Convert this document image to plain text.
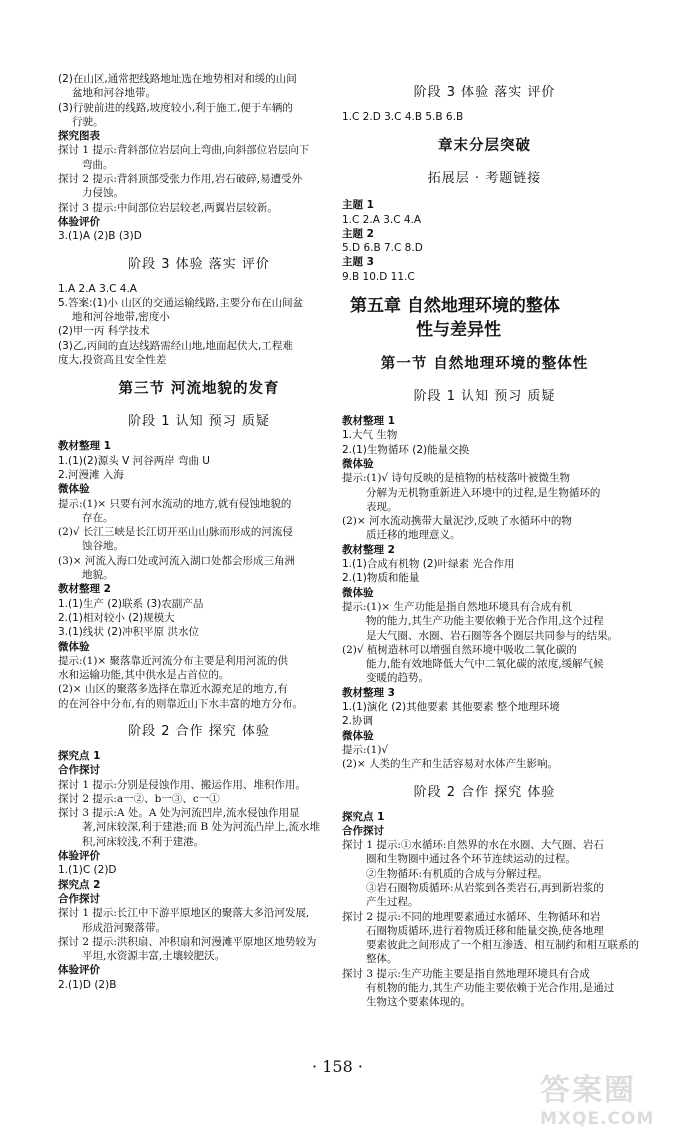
(2)在山区,通常把线路地址选在地势相对和缓的山间
盆地和河谷地带。
(3)行驶前进的线路,坡度较小,利于施工,便于车辆的
行驶。
探究图表
探讨 1 提示:背斜部位岩层向上弯曲,向斜部位岩层向下
弯曲。
探讨 2 提示:背斜顶部受张力作用,岩石破碎,易遭受外
力侵蚀。
探讨 3 提示:中间部位岩层较老,两翼岩层较新。
体验评价
3.(1)A (2)B (3)D
阶段 3 体验 落实 评价
1.A 2.A 3.C 4.A
5.答案:(1)小 山区的交通运输线路,主要分布在山间盆
地和河谷地带,密度小
(2)甲一丙 科学技术
(3)乙,丙间的直达线路需经山地,地面起伏大,工程难
度大,投资高且安全性差
第三节 河流地貌的发育
阶段 1 认知 预习 质疑
教材整理 1
1.(1)(2)源头 V 河谷两岸 弯曲 U
2.河漫滩 入海
微体验
提示:(1)× 只要有河水流动的地方,就有侵蚀地貌的
存在。
(2)√ 长江三峡是长江切开巫山山脉而形成的河流侵
蚀谷地。
(3)× 河流入海口处或河流入湖口处都会形成三角洲
地貌。
教材整理 2
1.(1)生产 (2)联系 (3)农副产品
2.(1)相对较小 (2)规模大
3.(1)线状 (2)冲积平原 洪水位
微体验
提示:(1)× 聚落靠近河流分布主要是利用河流的供
水和运输功能,其中供水是占首位的。
(2)× 山区的聚落多选择在靠近水源充足的地方,有
的在河谷中分布,有的则靠近山下水丰富的地方分布。
阶段 2 合作 探究 体验
探究点 1
合作探讨
探讨 1 提示:分别是侵蚀作用、搬运作用、堆积作用。
探讨 2 提示:a一②、b一③、c一①
探讨 3 提示:A 处。A 处为河流凹岸,流水侵蚀作用显
著,河床较深,利于建港;而 B 处为河流凸岸上,流水堆
积,河床较浅,不利于建港。
体验评价
1.(1)C (2)D
探究点 2
合作探讨
探讨 1 提示:长江中下游平原地区的聚落大多沿河发展,
形成沿河聚落带。
探讨 2 提示:洪积扇、冲积扇和河漫滩平原地区地势较为
平坦,水资源丰富,土壤较肥沃。
体验评价
2.(1)D (2)B
阶段 3 体验 落实 评价
1.C 2.D 3.C 4.B 5.B 6.B
章末分层突破
拓展层 · 考题链接
主题 1
1.C 2.A 3.C 4.A
主题 2
5.D 6.B 7.C 8.D
主题 3
9.B 10.D 11.C
第五章 自然地理环境的整体
性与差异性
第一节 自然地理环境的整体性
阶段 1 认知 预习 质疑
教材整理 1
1.大气 生物
2.(1)生物循环 (2)能量交换
微体验
提示:(1)√ 诗句反映的是植物的枯枝落叶被微生物
分解为无机物重新进入环境中的过程,是生物循环的
表现。
(2)× 河水流动携带大量泥沙,反映了水循环中的物
质迁移的地理意义。
教材整理 2
1.(1)合成有机物 (2)叶绿素 光合作用
2.(1)物质和能量
微体验
提示:(1)× 生产功能是指自然地环境具有合成有机
物的能力,其生产功能主要依赖于光合作用,这个过程
是大气圈、水圈、岩石圈等各个圈层共同参与的结果。
(2)√ 植树造林可以增强自然环境中吸收二氧化碳的
能力,能有效地降低大气中二氧化碳的浓度,缓解气候
变暖的趋势。
教材整理 3
1.(1)演化 (2)其他要素 其他要素 整个地理环境
2.协调
微体验
提示:(1)√
(2)× 人类的生产和生活容易对水体产生影响。
阶段 2 合作 探究 体验
探究点 1
合作探讨
探讨 1 提示:①水循环:自然界的水在水圈、大气圈、岩石
圈和生物圈中通过各个环节连续运动的过程。
②生物循环:有机质的合成与分解过程。
③岩石圈物质循环:从岩浆到各类岩石,再到新岩浆的
产生过程。
探讨 2 提示:不同的地理要素通过水循环、生物循环和岩
石圈物质循环,进行着物质迁移和能量交换,使各地理
要素彼此之间形成了一个相互渗透、相互制约和相互联系的
整体。
探讨 3 提示:生产功能主要是指自然地理环境具有合成
有机物的能力,其生产功能主要依赖于光合作用,是通过
生物这个要素体现的。
· 158 ·
答案圈
MXQE.COM
